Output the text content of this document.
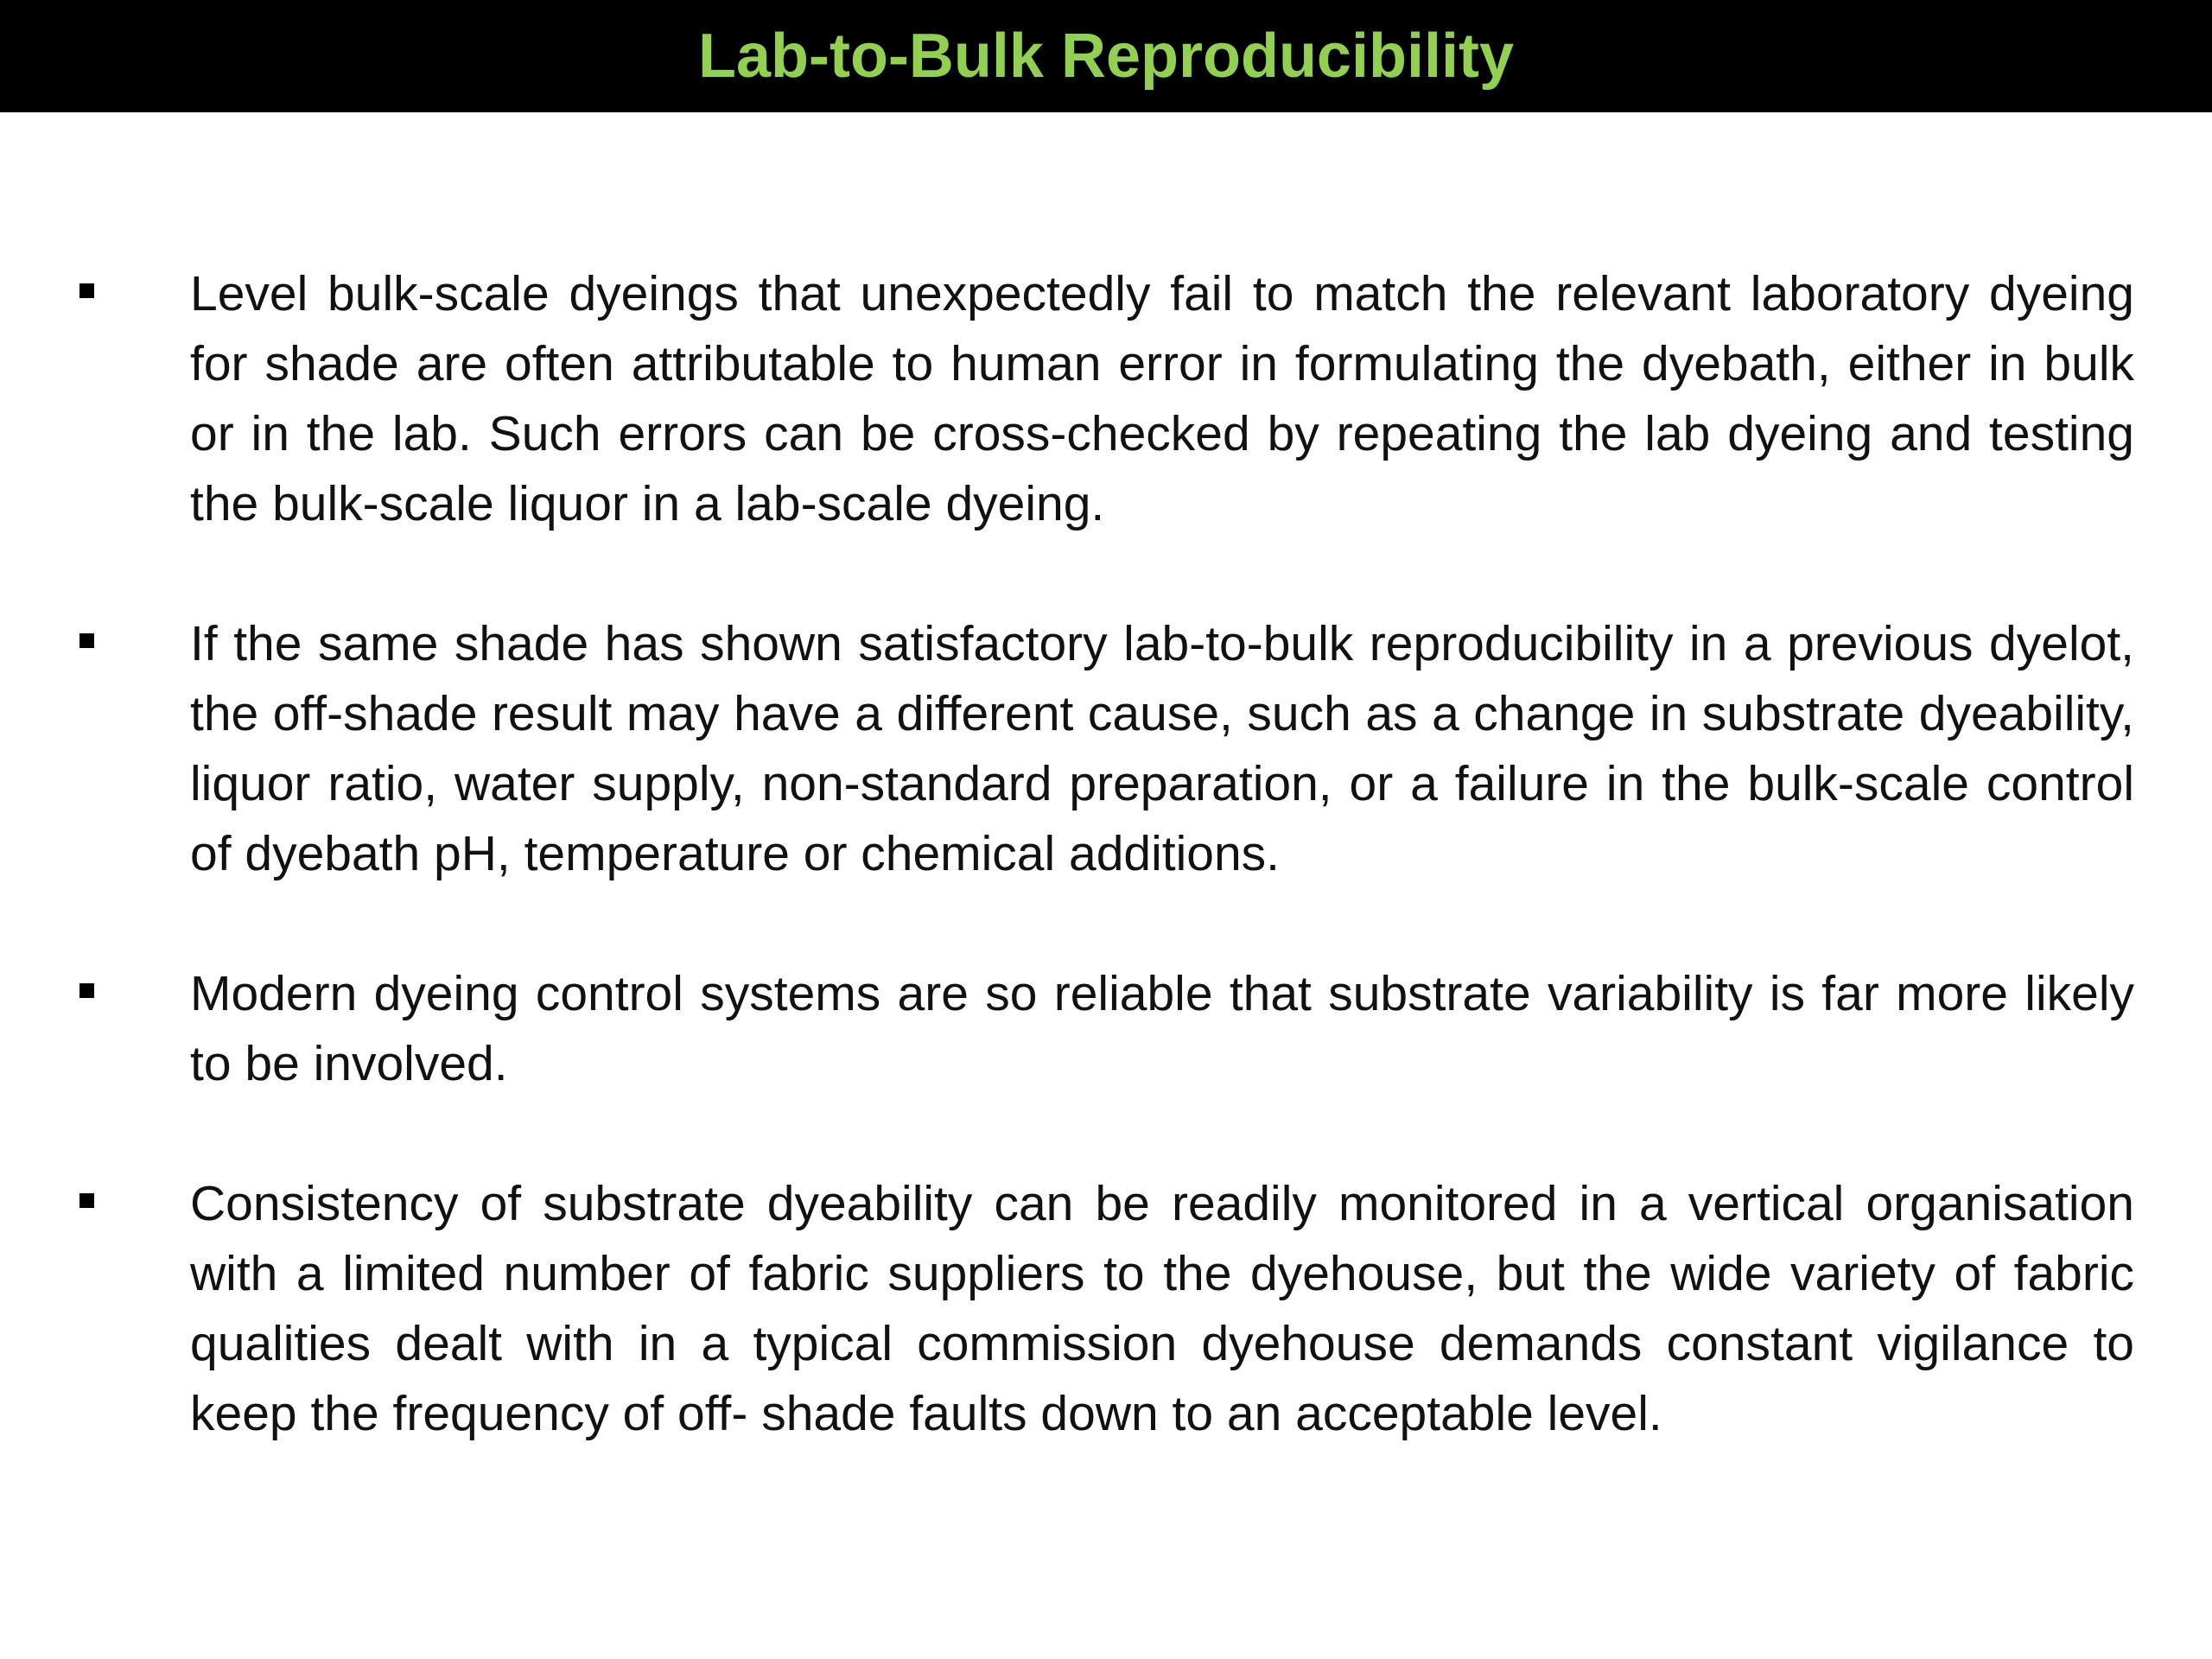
Lab-to-Bulk Reproducibility
Level bulk-scale dyeings that unexpectedly fail to match the relevant laboratory dyeing for shade are often attributable to human error in formulating the dyebath, either in bulk or in the lab. Such errors can be cross-checked by repeating the lab dyeing and testing the bulk-scale liquor in a lab-scale dyeing.
If the same shade has shown satisfactory lab-to-bulk reproducibility in a previous dyelot, the off-shade result may have a different cause, such as a change in substrate dyeability, liquor ratio, water supply, non-standard preparation, or a failure in the bulk-scale control of dyebath pH, temperature or chemical additions.
Modern dyeing control systems are so reliable that substrate variability is far more likely to be involved.
Consistency of substrate dyeability can be readily monitored in a vertical organisation with a limited number of fabric suppliers to the dyehouse, but the wide variety of fabric qualities dealt with in a typical commission dyehouse demands constant vigilance to keep the frequency of off- shade faults down to an acceptable level.
